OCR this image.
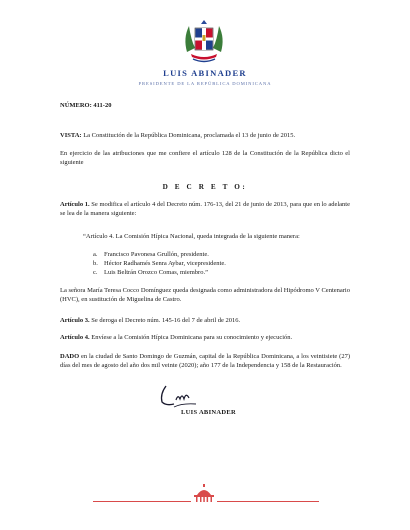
LUIS ABINADER
PRESIDENTE DE LA REPÚBLICA DOMINICANA

NÚMERO: 411-20

VISTA: La Constitución de la República Dominicana, proclamada el 13 de junio de 2015.

En ejercicio de las atribuciones que me confiere el artículo 128 de la Constitución de la República dicto el siguiente

D E C R E T O:

Artículo 1. Se modifica el artículo 4 del Decreto núm. 176-13, del 21 de junio de 2013, para que en lo adelante se lea de la manera siguiente:

“Artículo 4. La Comisión Hípica Nacional, queda integrada de la siguiente manera:

a. Francisco Pavonesa Grullón, presidente.
b. Héctor Radhamés Senra Aybar, vicepresidente.
c. Luis Beltrán Orozco Comas, miembro.”

La señora María Teresa Cocco Domínguez queda designada como administradora del Hipódromo V Centenario (HVC), en sustitución de Miguelina de Castro.

Artículo 3. Se deroga el Decreto núm. 145-16 del 7 de abril de 2016.

Artículo 4. Envíese a la Comisión Hípica Dominicana para su conocimiento y ejecución.

DADO en la ciudad de Santo Domingo de Guzmán, capital de la República Dominicana, a los veintisiete (27) días del mes de agosto del año dos mil veinte (2020); año 177 de la Independencia y 158 de la Restauración.

LUIS ABINADER
